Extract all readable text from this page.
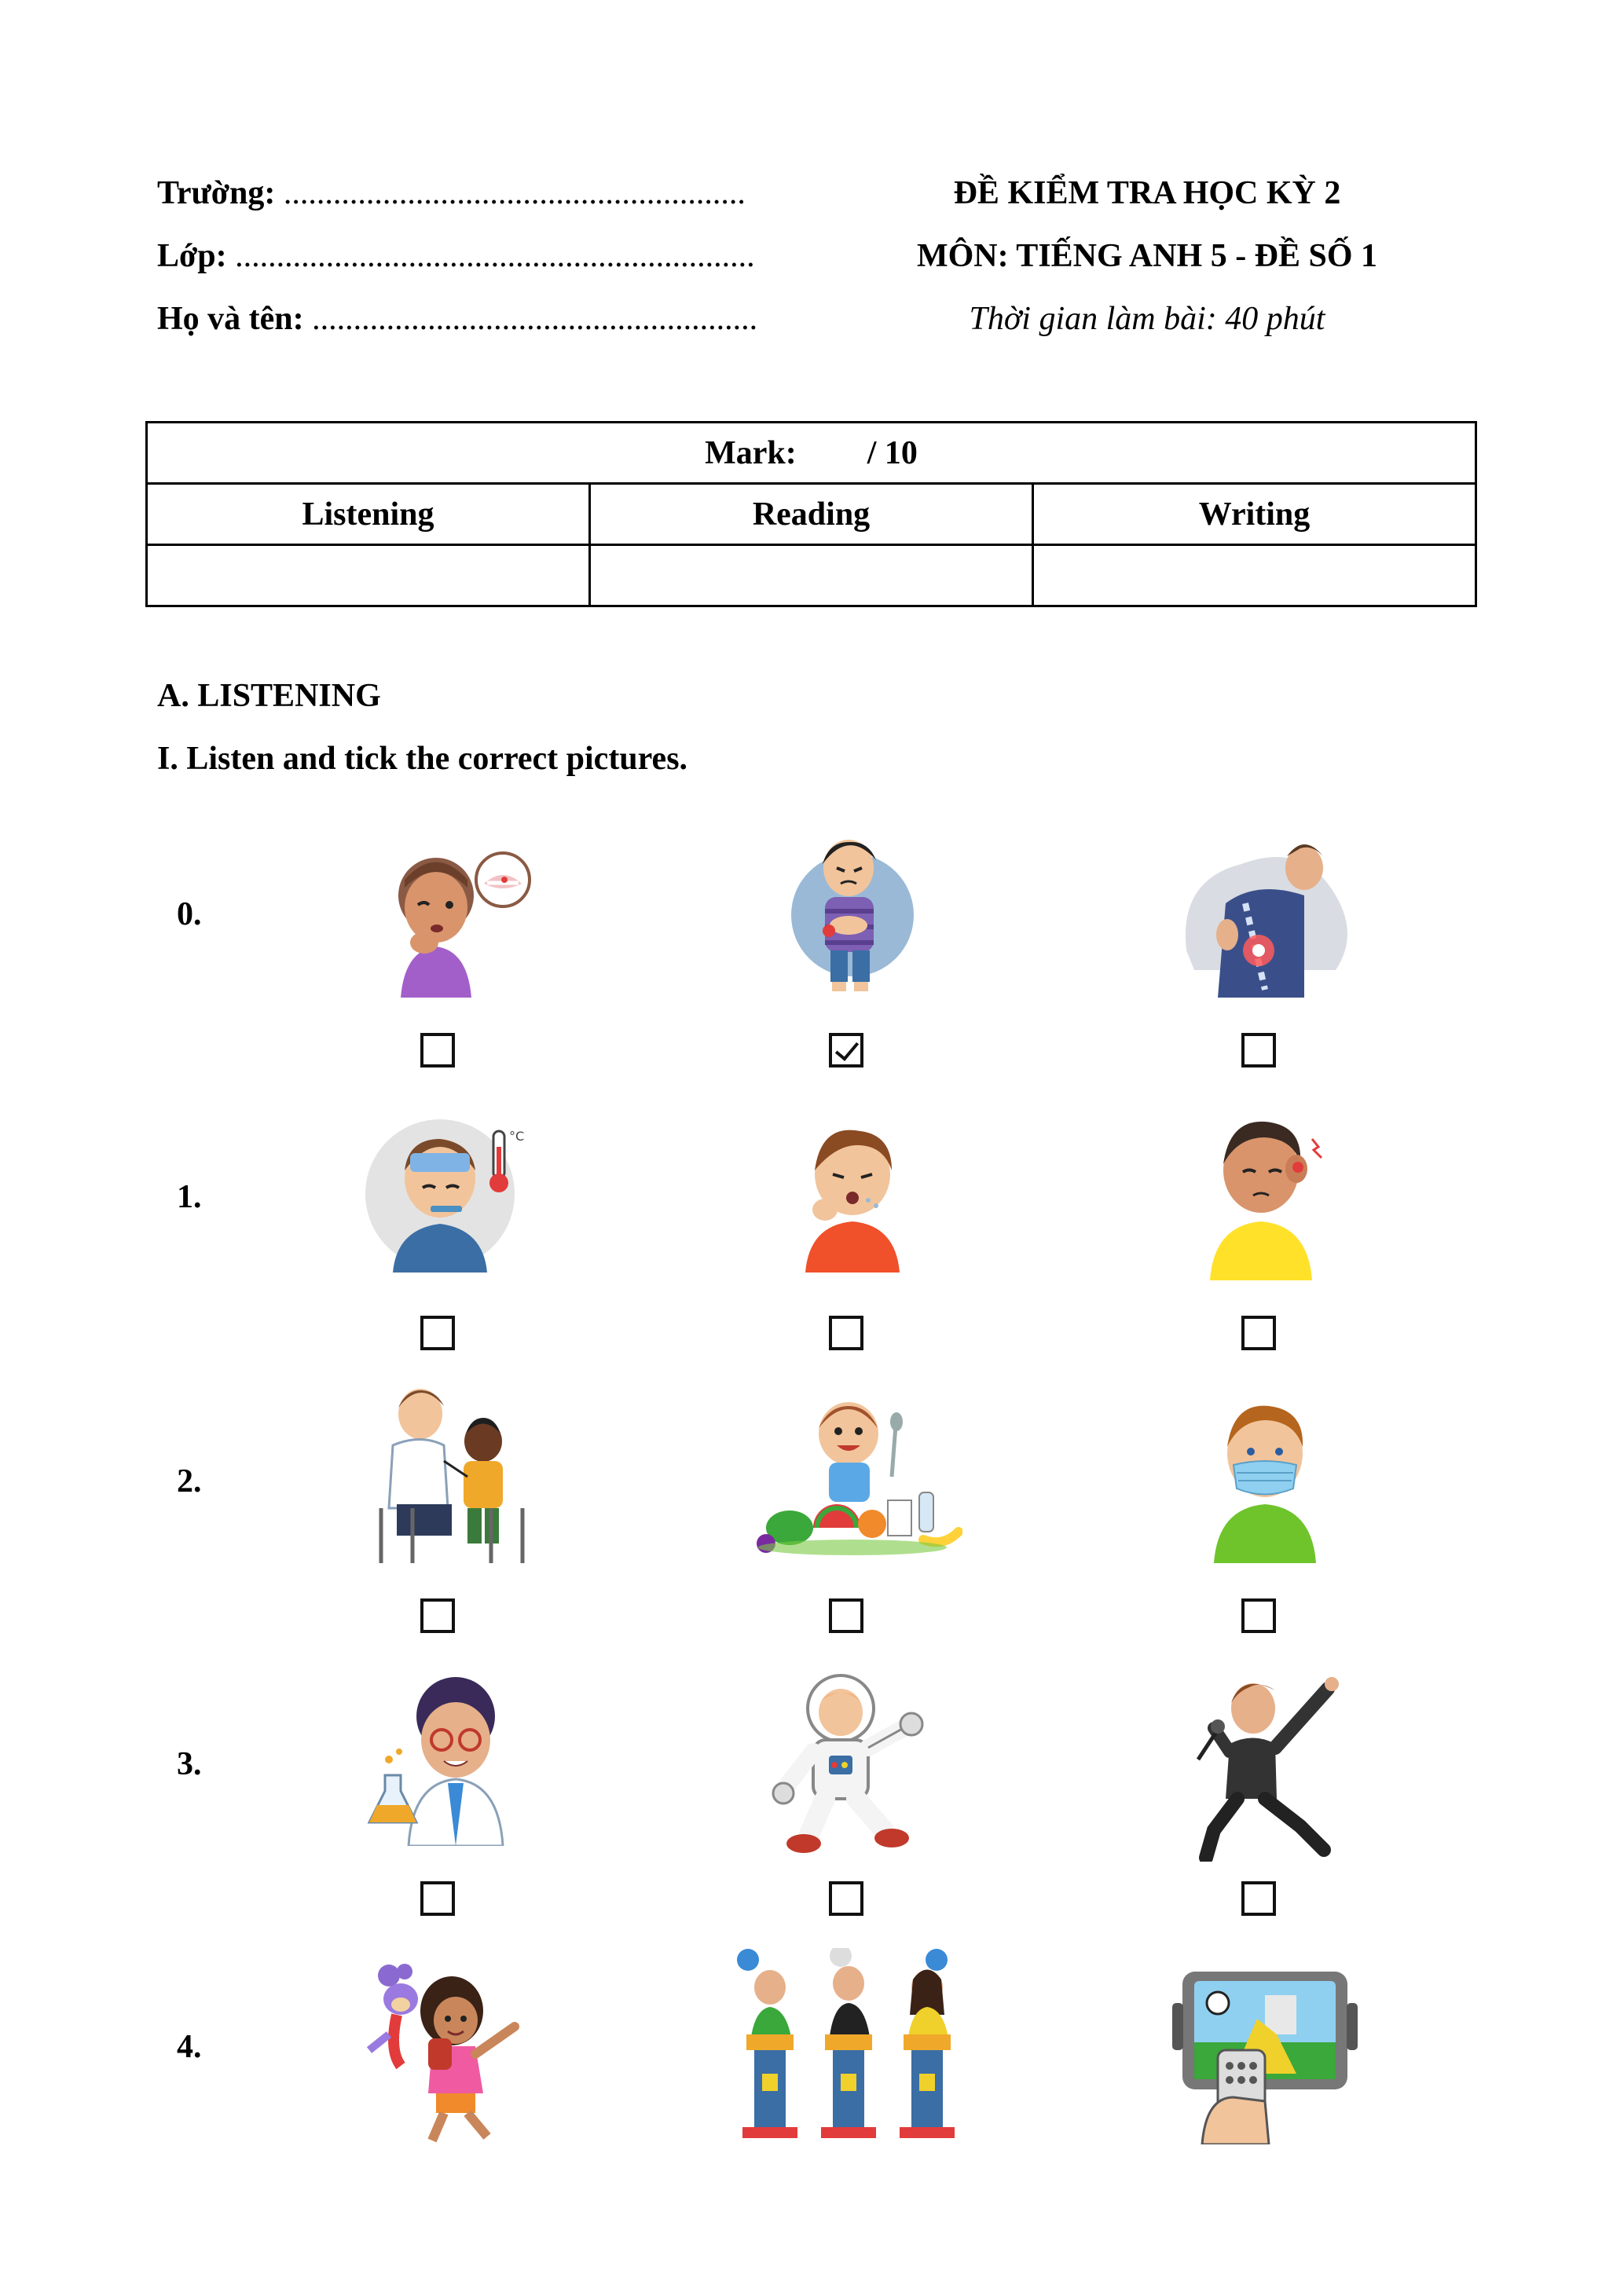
Trường: ........................................................
Lớp: ...............................................................
Họ và tên: ......................................................
ĐỀ KIỂM TRA HỌC KỲ 2
MÔN: TIẾNG ANH 5 - ĐỀ SỐ 1
Thời gian làm bài: 40 phút
Mark: / 10		
Listening	Reading	Writing

A. LISTENING
I. Listen and tick the correct pictures.
0.
1.
°C
2.
3.
4.
